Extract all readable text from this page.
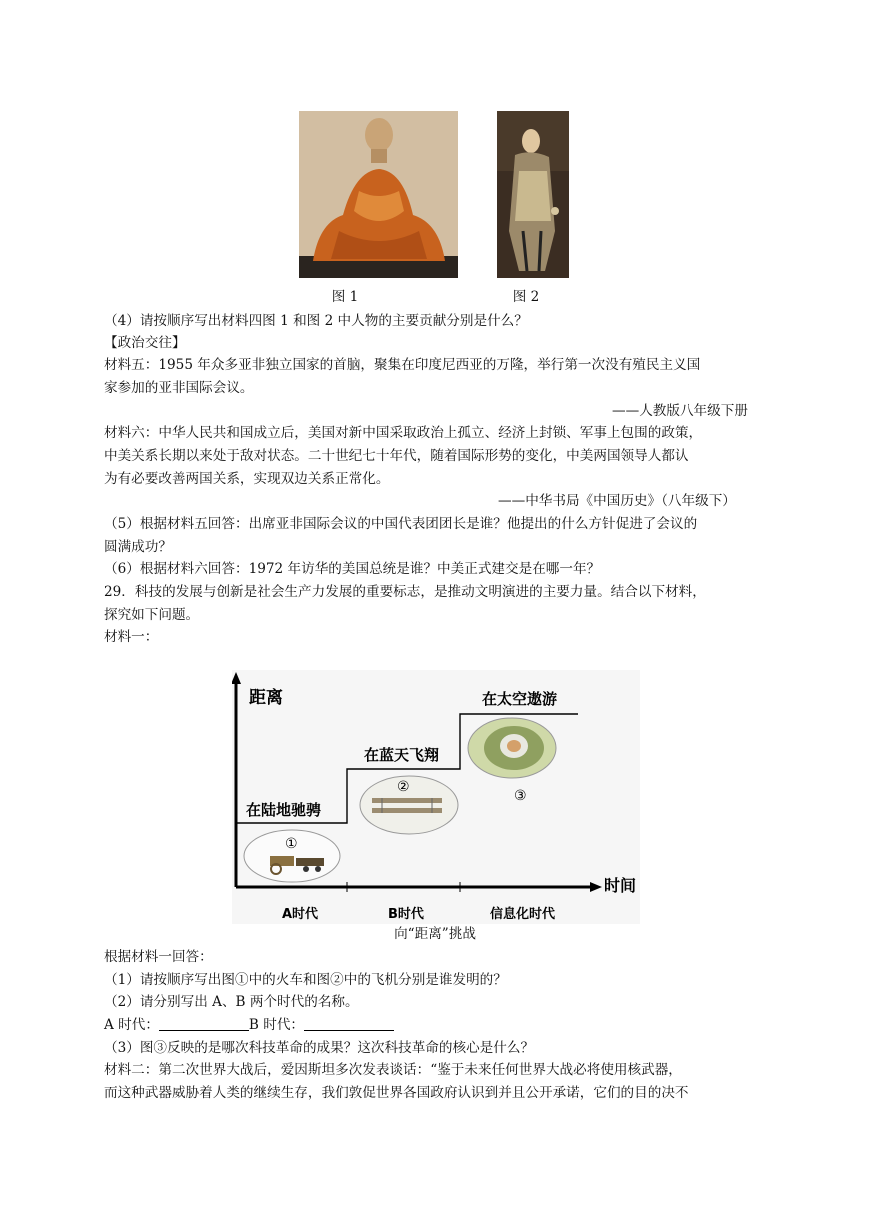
图 1	图 2
（4）请按顺序写出材料四图 1 和图 2 中人物的主要贡献分别是什么？
【政治交往】
材料五：1955 年众多亚非独立国家的首脑，聚集在印度尼西亚的万隆，举行第一次没有殖民主义国
家参加的亚非国际会议。
——人教版八年级下册
材料六：中华人民共和国成立后，美国对新中国采取政治上孤立、经济上封锁、军事上包围的政策，
中美关系长期以来处于敌对状态。二十世纪七十年代，随着国际形势的变化，中美两国领导人都认
为有必要改善两国关系，实现双边关系正常化。
——中华书局《中国历史》（八年级下）
（5）根据材料五回答：出席亚非国际会议的中国代表团团长是谁？他提出的什么方针促进了会议的
圆满成功？
（6）根据材料六回答：1972 年访华的美国总统是谁？中美正式建交是在哪一年？
29．科技的发展与创新是社会生产力发展的重要标志，是推动文明演进的主要力量。结合以下材料，
探究如下问题。
材料一：
距离
时间
在陆地驰骋
在蓝天飞翔
在太空遨游
①
②
③
A时代	B时代	信息化时代
向“距离”挑战
根据材料一回答：
（1）请按顺序写出图①中的火车和图②中的飞机分别是谁发明的？
（2）请分别写出 A、B 两个时代的名称。
A 时代：	B 时代：
（3）图③反映的是哪次科技革命的成果？这次科技革命的核心是什么？
材料二：第二次世界大战后，爱因斯坦多次发表谈话：“鉴于未来任何世界大战必将使用核武器，
而这种武器威胁着人类的继续生存，我们敦促世界各国政府认识到并且公开承诺，它们的目的决不
